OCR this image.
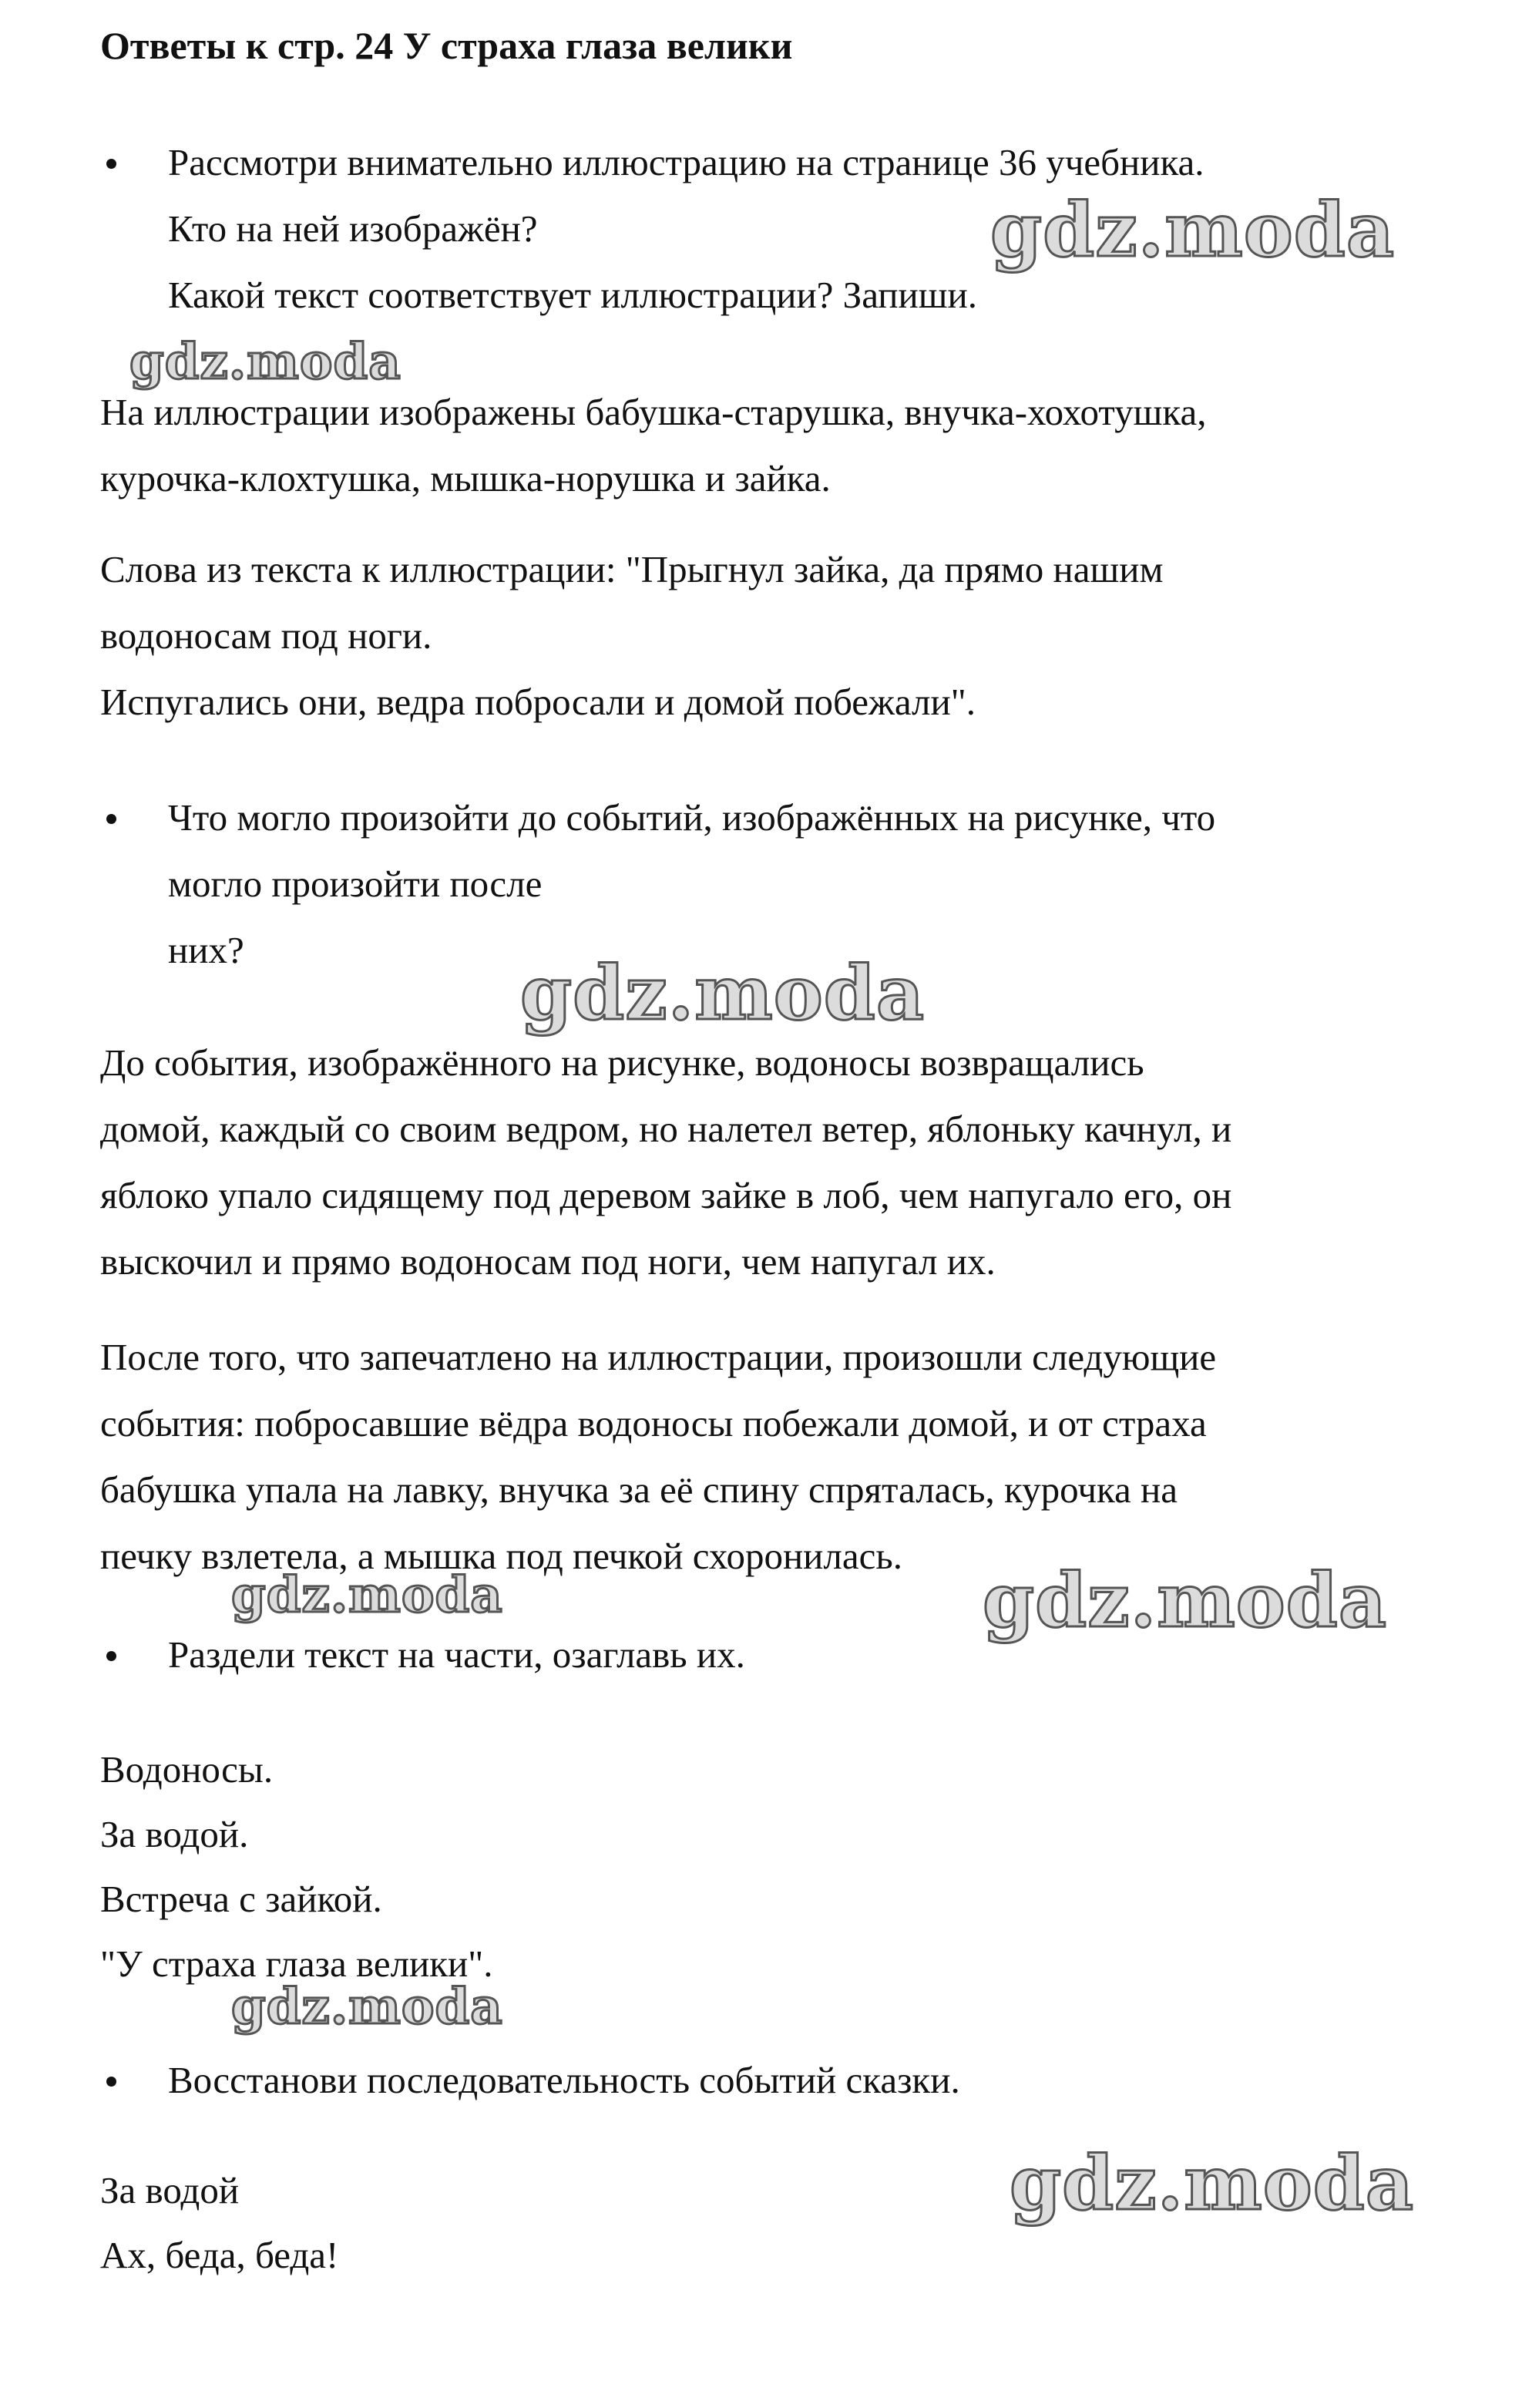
Ответы к стр. 24 У страха глаза велики

Рассмотри внимательно иллюстрацию на странице 36 учебника.

Кто на ней изображён?

Какой текст соответствует иллюстрации? Запиши.

На иллюстрации изображены бабушка-старушка, внучка-хохотушка,

курочка-клохтушка, мышка-норушка и зайка.

Слова из текста к иллюстрации: "Прыгнул зайка, да прямо нашим

водоносам под ноги.

Испугались они, ведра побросали и домой побежали".

Что могло произойти до событий, изображённых на рисунке, что

могло произойти после

них?

До события, изображённого на рисунке, водоносы возвращались

домой, каждый со своим ведром, но налетел ветер, яблоньку качнул, и

яблоко упало сидящему под деревом зайке в лоб, чем напугало его, он

выскочил и прямо водоносам под ноги, чем напугал их.

После того, что запечатлено на иллюстрации, произошли следующие

события: побросавшие вёдра водоносы побежали домой, и от страха

бабушка упала на лавку, внучка за её спину спряталась, курочка на

печку взлетела, а мышка под печкой схоронилась.

Раздели текст на части, озаглавь их.

Водоносы.

За водой.

Встреча с зайкой.

"У страха глаза велики".

Восстанови последовательность событий сказки.

За водой

Ах, беда, беда!

gdz.moda
gdz.moda
gdz.moda
gdz.moda	gdz.moda
gdz.moda
gdz.moda
